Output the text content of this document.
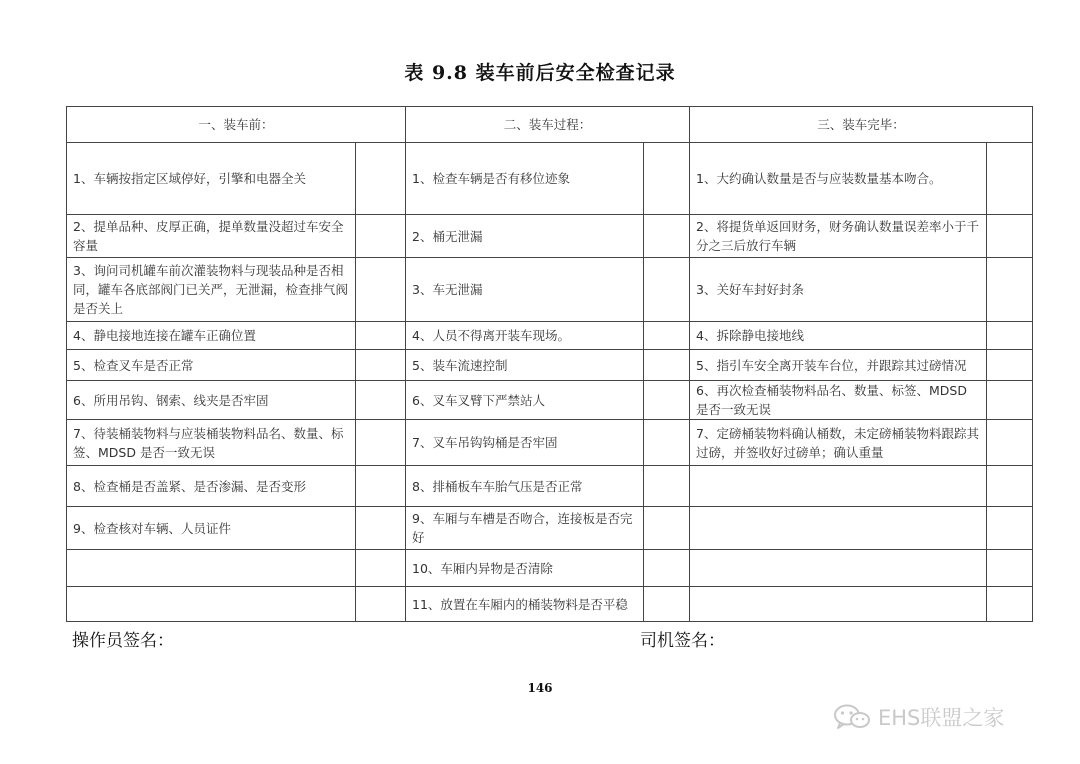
表 9.8 装车前后安全检查记录
一、装车前：		二、装车过程：		三、装车完毕：	
1、车辆按指定区域停好，引擎和电器全关		1、检查车辆是否有移位迹象		1、大约确认数量是否与应装数量基本吻合。	
2、提单品种、皮厚正确，提单数量没超过车安全容量		2、桶无泄漏		2、将提货单返回财务，财务确认数量误差率小于千分之三后放行车辆	
3、询问司机罐车前次灌装物料与现装品种是否相同，罐车各底部阀门已关严，无泄漏，检查排气阀是否关上		3、车无泄漏		3、关好车封好封条	
4、静电接地连接在罐车正确位置		4、人员不得离开装车现场。		4、拆除静电接地线	
5、检查叉车是否正常		5、装车流速控制		5、指引车安全离开装车台位，并跟踪其过磅情况	
6、所用吊钩、钢索、线夹是否牢固		6、叉车叉臂下严禁站人		6、再次检查桶装物料品名、数量、标签、MDSD 是否一致无误	
7、待装桶装物料与应装桶装物料品名、数量、标签、MDSD 是否一致无误		7、叉车吊钩钩桶是否牢固		7、定磅桶装物料确认桶数，未定磅桶装物料跟踪其过磅，并签收好过磅单；确认重量	
8、检查桶是否盖紧、是否渗漏、是否变形		8、排桶板车车胎气压是否正常			
9、检查核对车辆、人员证件		9、车厢与车槽是否吻合，连接板是否完好			
		10、车厢内异物是否清除			
		11、放置在车厢内的桶装物料是否平稳			
操作员签名：	司机签名：
146
EHS联盟之家
